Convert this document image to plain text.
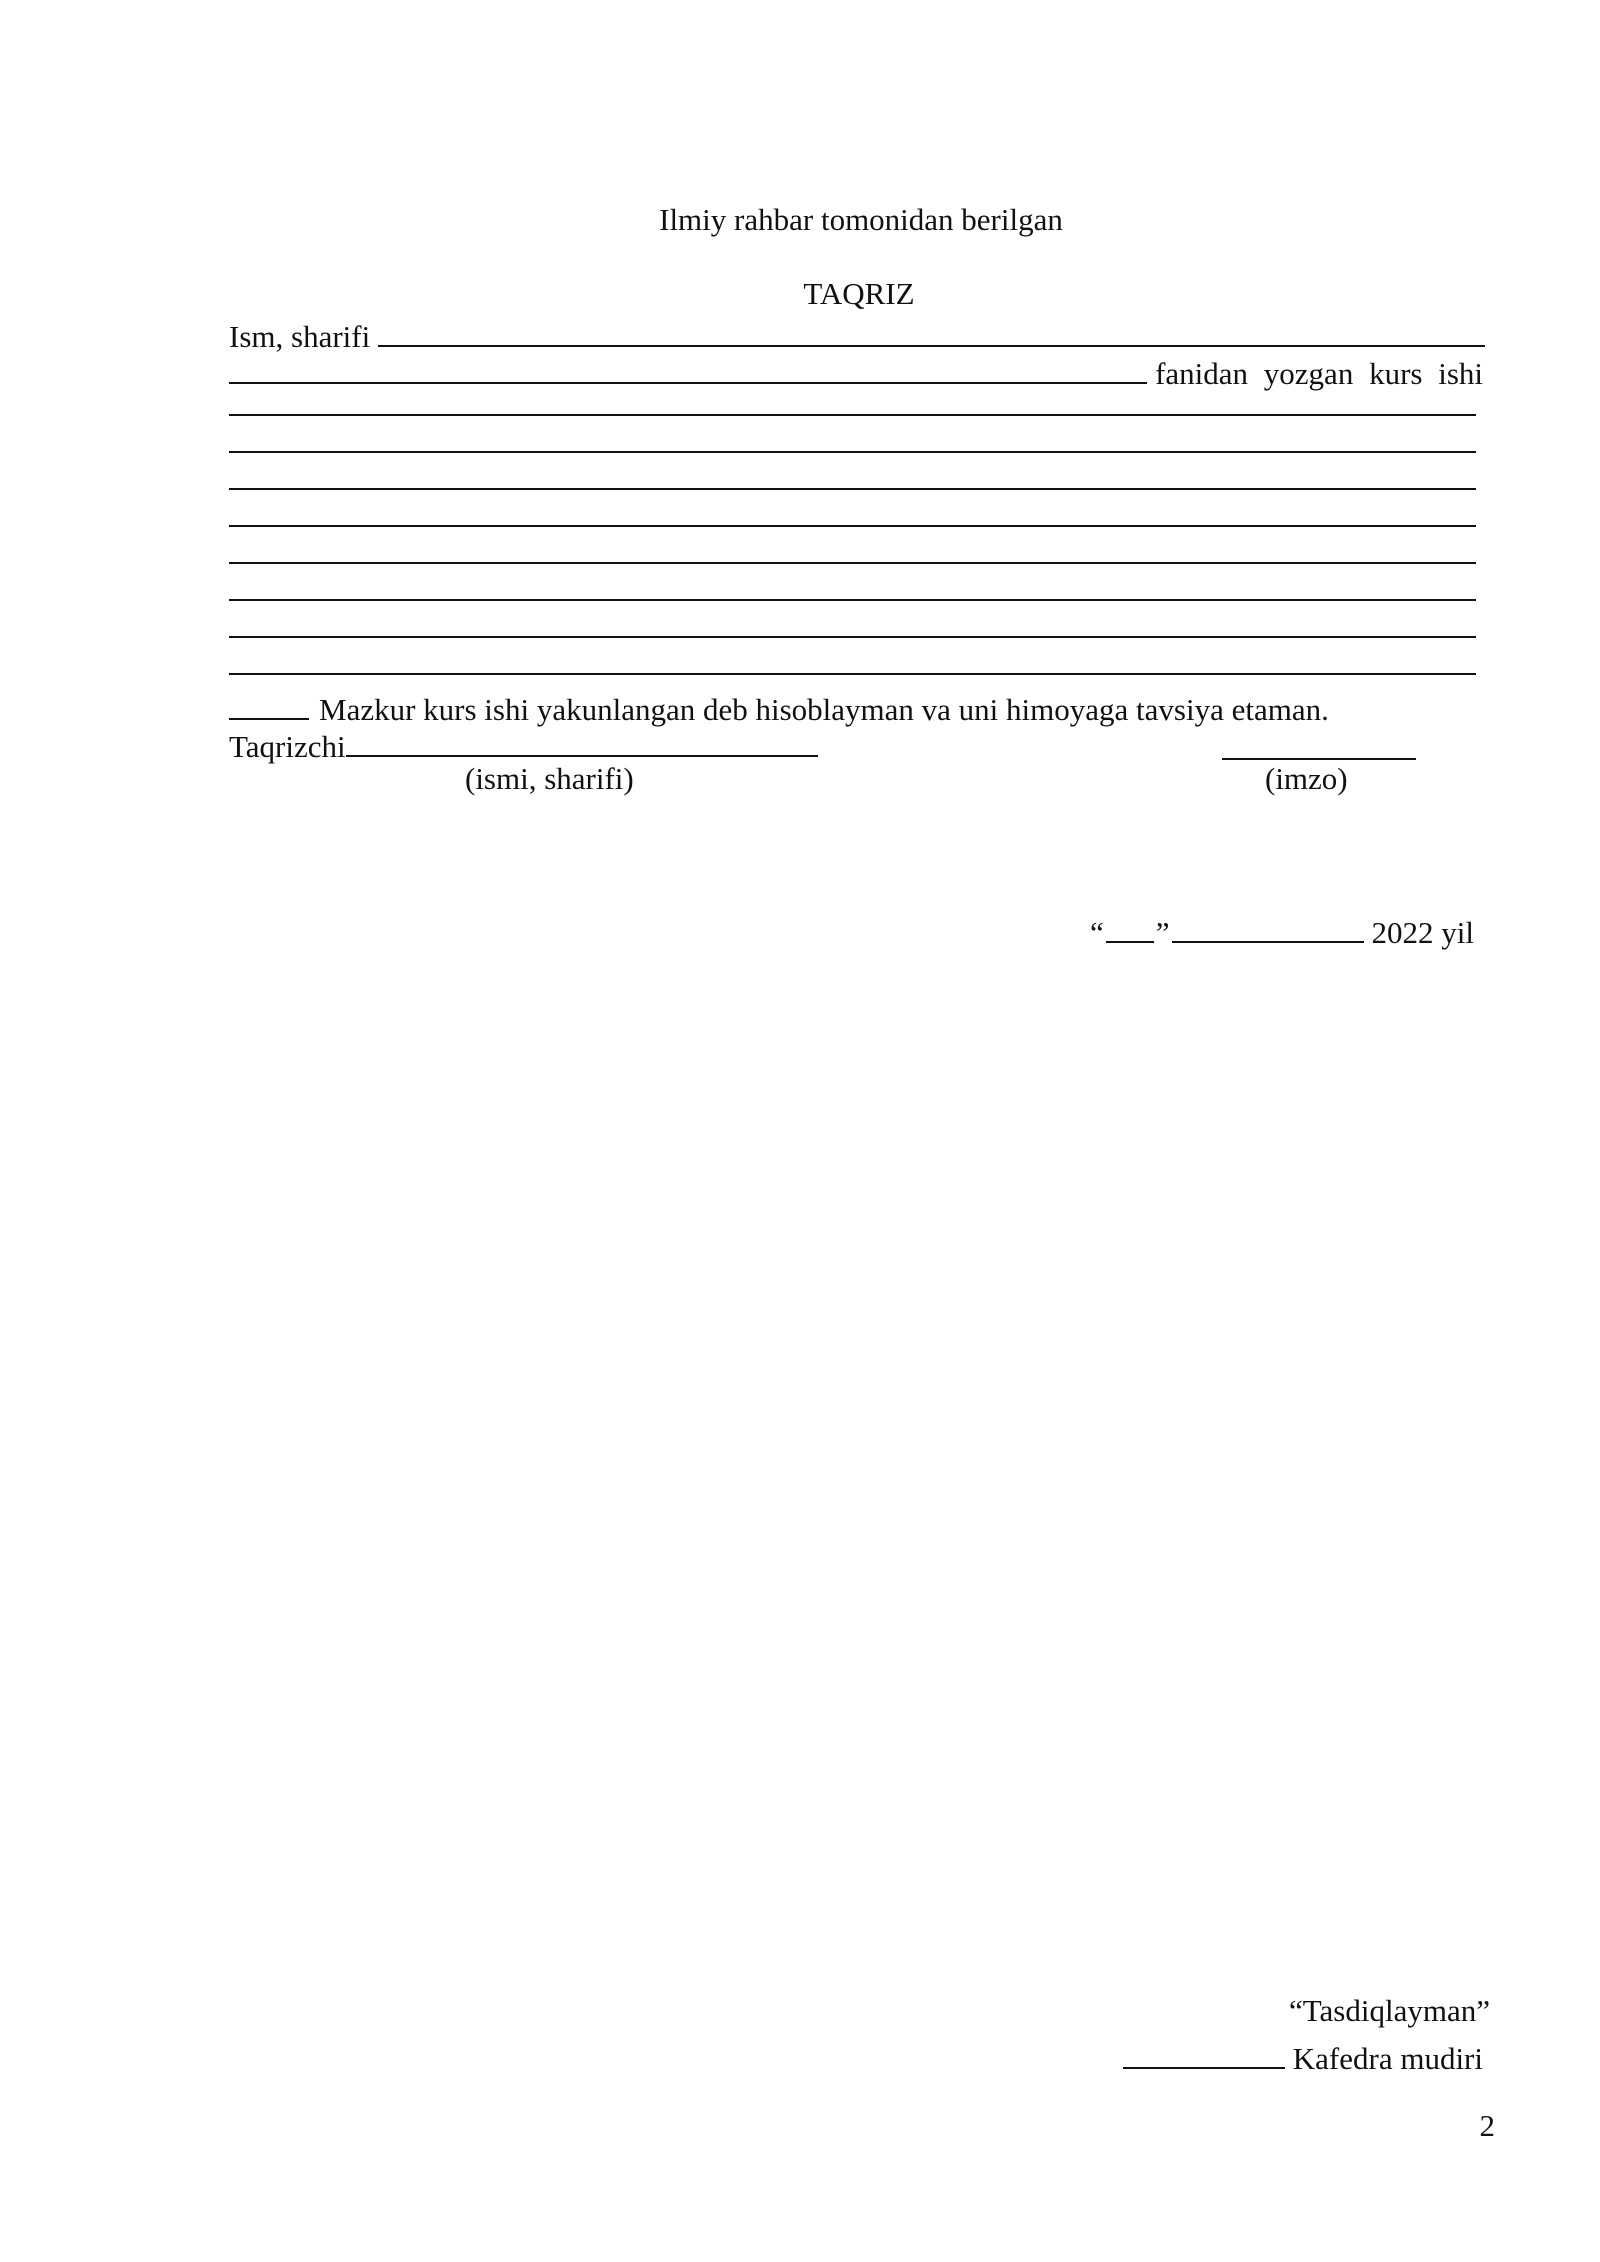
Ilmiy rahbar tomonidan berilgan
TAQRIZ
Ism, sharifi
fanidan yozgan kurs ishi
Mazkur kurs ishi yakunlangan deb hisoblayman va uni himoyaga tavsiya etaman.
Taqrizchi
(ismi, sharifi)	(imzo)
“ ”	2022 yil
“Tasdiqlayman”
Kafedra mudiri
2
